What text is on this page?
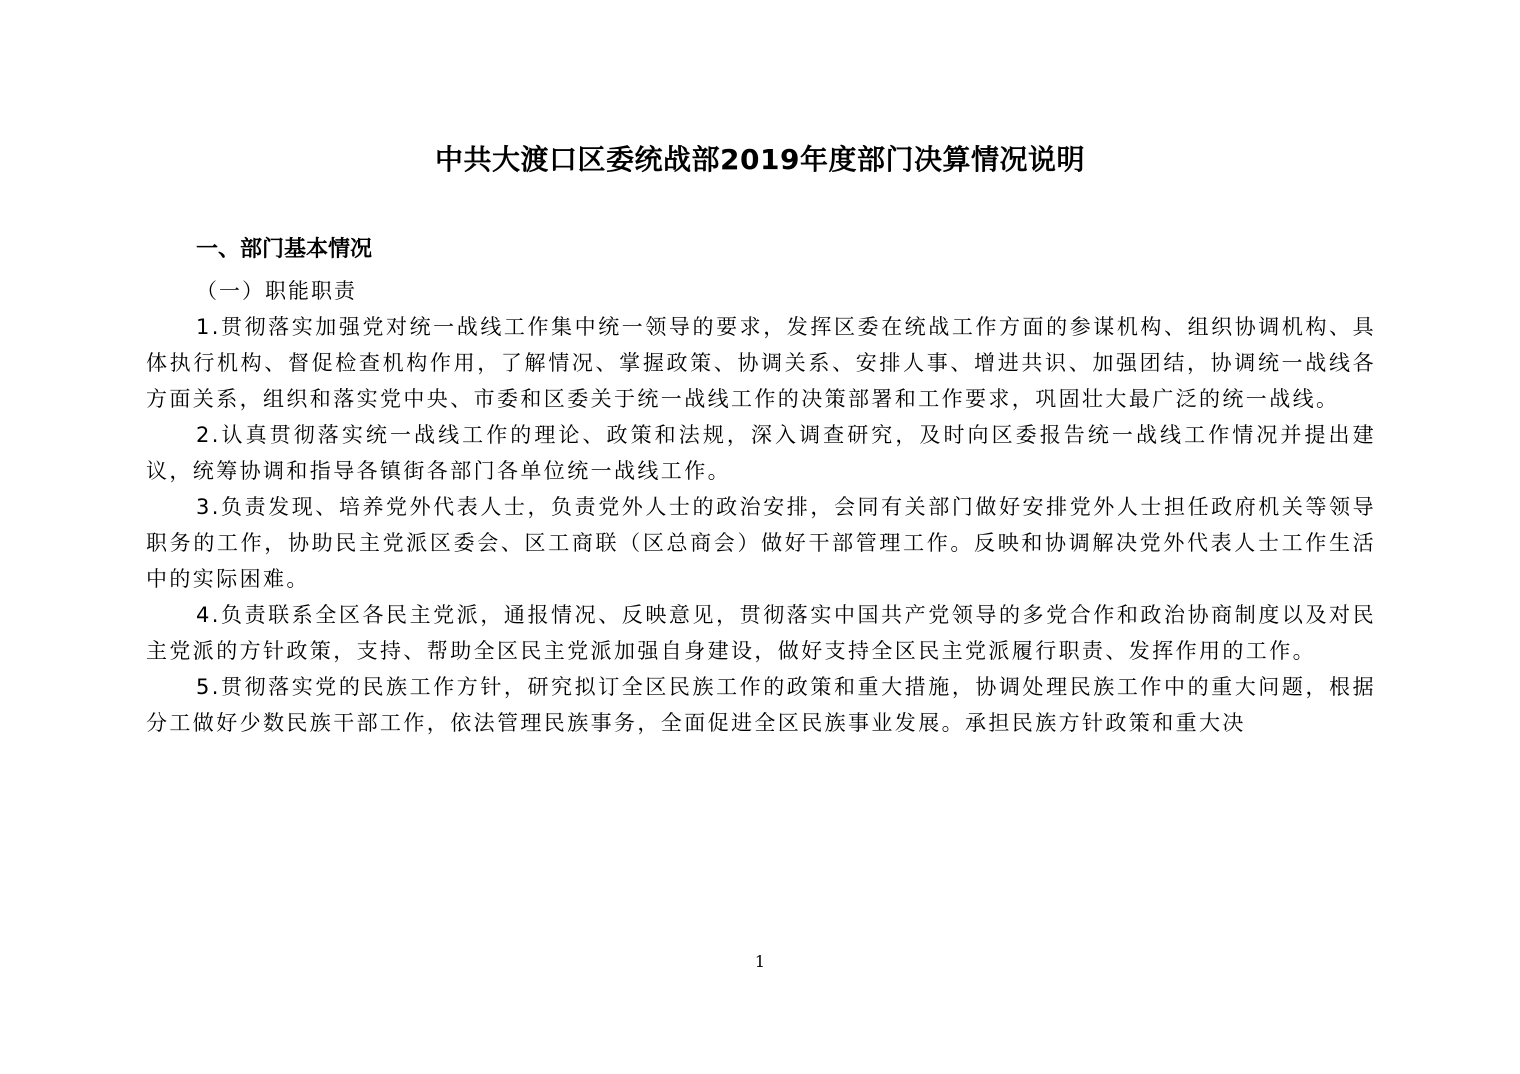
中共大渡口区委统战部2019年度部门决算情况说明

一、部门基本情况

（一）职能职责

1.贯彻落实加强党对统一战线工作集中统一领导的要求，发挥区委在统战工作方面的参谋机构、组织协调机构、具体执行机构、督促检查机构作用，了解情况、掌握政策、协调关系、安排人事、增进共识、加强团结，协调统一战线各方面关系，组织和落实党中央、市委和区委关于统一战线工作的决策部署和工作要求，巩固壮大最广泛的统一战线。

2.认真贯彻落实统一战线工作的理论、政策和法规，深入调查研究，及时向区委报告统一战线工作情况并提出建议，统筹协调和指导各镇街各部门各单位统一战线工作。

3.负责发现、培养党外代表人士，负责党外人士的政治安排，会同有关部门做好安排党外人士担任政府机关等领导职务的工作，协助民主党派区委会、区工商联（区总商会）做好干部管理工作。反映和协调解决党外代表人士工作生活中的实际困难。

4.负责联系全区各民主党派，通报情况、反映意见，贯彻落实中国共产党领导的多党合作和政治协商制度以及对民主党派的方针政策，支持、帮助全区民主党派加强自身建设，做好支持全区民主党派履行职责、发挥作用的工作。

5.贯彻落实党的民族工作方针，研究拟订全区民族工作的政策和重大措施，协调处理民族工作中的重大问题，根据分工做好少数民族干部工作，依法管理民族事务，全面促进全区民族事业发展。承担民族方针政策和重大决

1
